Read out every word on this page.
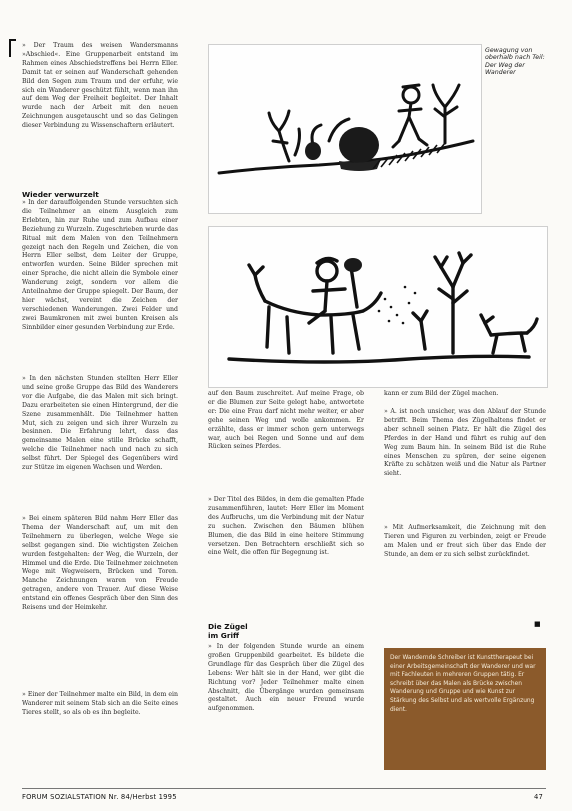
» Der Traum des weisen Wandersmanns »Abschied«. Eine Gruppenarbeit entstand im Rahmen eines Abschiedstreffens bei Herrn Eller. Damit tat er seinen auf Wanderschaft gehenden Bild den Segen zum Traum und der erfuhr, wie sich ein Wanderer geschützt fühlt, wenn man ihn auf dem Weg der Freiheit begleitet. Der Inhalt wurde nach der Arbeit mit den neuen Zeichnungen ausgetauscht und so das Gelingen dieser Verbindung zu Wissenschaftern erläutert.

Wieder verwurzelt

» In der darauffolgenden Stunde versuchten sich die Teilnehmer an einem Ausgleich zum Erlebten, hin zur Ruhe und zum Aufbau einer Beziehung zu Wurzeln. Zugeschrieben wurde das Ritual mit dem Malen von den Teilnehmern gezeigt nach den Regeln und Zeichen, die von Herrn Eller selbst, dem Leiter der Gruppe, entworfen wurden. Seine Bilder sprechen mit einer Sprache, die nicht allein die Symbole einer Wanderung zeigt, sondern vor allem die Anteilnahme der Gruppe spiegelt. Der Baum, der hier wächst, vereint die Zeichen der verschiedenen Wanderungen. Zwei Felder und zwei Baumkronen mit zwei bunten Kreisen als Sinnbilder einer gesunden Verbindung zur Erde.

» In den nächsten Stunden stellten Herr Eller und seine große Gruppe das Bild des Wanderers vor die Aufgabe, die das Malen mit sich bringt. Dazu erarbeiteten sie einen Hintergrund, der die Szene zusammenhält. Die Teilnehmer hatten Mut, sich zu zeigen und sich ihrer Wurzeln zu besinnen. Die Erfahrung lehrt, dass das gemeinsame Malen eine stille Brücke schafft, welche die Teilnehmer nach und nach zu sich selbst führt. Der Spiegel des Gegenübers wird zur Stütze im eigenen Wachsen und Werden.

» Bei einem späteren Bild nahm Herr Eller das Thema der Wanderschaft auf, um mit den Teilnehmern zu überlegen, welche Wege sie selbst gegangen sind. Die wichtigsten Zeichen wurden festgehalten: der Weg, die Wurzeln, der Himmel und die Erde. Die Teilnehmer zeichneten Wege mit Wegweisern, Brücken und Toren. Manche Zeichnungen waren von Freude getragen, andere von Trauer. Auf diese Weise entstand ein offenes Gespräch über den Sinn des Reisens und der Heimkehr.

» Einer der Teilnehmer malte ein Bild, in dem ein Wanderer mit seinem Stab sich an die Seite eines Tieres stellt, so als ob es ihn begleite.

Gewagung von oberhalb nach Teil: Der Weg der Wanderer

auf den Baum zuschreitet. Auf meine Frage, ob er die Blumen zur Seite gelegt habe, antwortete er: Die eine Frau darf nicht mehr weiter, er aber gehe seinen Weg und wolle ankommen. Er erzählte, dass er immer schon gern unterwegs war, auch bei Regen und Sonne und auf dem Rücken seines Pferdes.

» Der Titel des Bildes, in dem die gemalten Pfade zusammenführen, lautet: Herr Eller im Moment des Aufbruchs, um die Verbindung mit der Natur zu suchen. Zwischen den Bäumen blühen Blumen, die das Bild in eine heitere Stimmung versetzen. Den Betrachtern erschließt sich so eine Welt, die offen für Begegnung ist.

Die Zügel
im Griff

» In der folgenden Stunde wurde an einem großen Gruppenbild gearbeitet. Es bildete die Grundlage für das Gespräch über die Zügel des Lebens: Wer hält sie in der Hand, wer gibt die Richtung vor? Jeder Teilnehmer malte einen Abschnitt, die Übergänge wurden gemeinsam gestaltet. Auch ein neuer Freund wurde aufgenommen.

kann er zum Bild der Zügel machen.

» A. ist noch unsicher, was den Ablauf der Stunde betrifft. Beim Thema des Zügelhaltens findet er aber schnell seinen Platz. Er hält die Zügel des Pferdes in der Hand und führt es ruhig auf den Weg zum Baum hin. In seinem Bild ist die Ruhe eines Menschen zu spüren, der seine eigenen Kräfte zu schätzen weiß und die Natur als Partner sieht.

» Mit Aufmerksamkeit, die Zeichnung mit den Tieren und Figuren zu verbinden, zeigt er Freude am Malen und er freut sich über das Ende der Stunde, an dem er zu sich selbst zurückfindet.

■
Der Wandernde Schreiber ist Kunsttherapeut bei einer Arbeitsgemeinschaft der Wanderer und war mit Fachleuten in mehreren Gruppen tätig. Er schreibt über das Malen als Brücke zwischen Wanderung und Gruppe und wie Kunst zur Stärkung des Selbst und als wertvolle Ergänzung dient.
FORUM SOZIALSTATION Nr. 84/Herbst 1995	47
